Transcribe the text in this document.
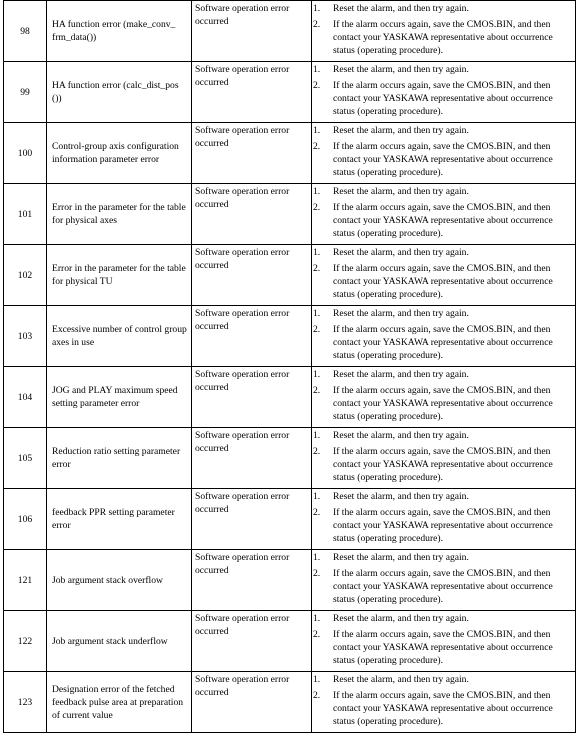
98	HA function error (make_conv_ frm_data())	Software operation error occurred	1. Reset the alarm, and then try again.
2. If the alarm occurs again, save the CMOS.BIN, and then contact your YASKAWA representative about occurrence status (operating procedure).

99	HA function error (calc_dist_pos ())	Software operation error occurred	1. Reset the alarm, and then try again.
2. If the alarm occurs again, save the CMOS.BIN, and then contact your YASKAWA representative about occurrence status (operating procedure).

100	Control-group axis configuration information parameter error	Software operation error occurred	1. Reset the alarm, and then try again.
2. If the alarm occurs again, save the CMOS.BIN, and then contact your YASKAWA representative about occurrence status (operating procedure).

101	Error in the parameter for the table for physical axes	Software operation error occurred	1. Reset the alarm, and then try again.
2. If the alarm occurs again, save the CMOS.BIN, and then contact your YASKAWA representative about occurrence status (operating procedure).

102	Error in the parameter for the table for physical TU	Software operation error occurred	1. Reset the alarm, and then try again.
2. If the alarm occurs again, save the CMOS.BIN, and then contact your YASKAWA representative about occurrence status (operating procedure).

103	Excessive number of control group axes in use	Software operation error occurred	1. Reset the alarm, and then try again.
2. If the alarm occurs again, save the CMOS.BIN, and then contact your YASKAWA representative about occurrence status (operating procedure).

104	JOG and PLAY maximum speed setting parameter error	Software operation error occurred	1. Reset the alarm, and then try again.
2. If the alarm occurs again, save the CMOS.BIN, and then contact your YASKAWA representative about occurrence status (operating procedure).

105	Reduction ratio setting parameter error	Software operation error occurred	1. Reset the alarm, and then try again.
2. If the alarm occurs again, save the CMOS.BIN, and then contact your YASKAWA representative about occurrence status (operating procedure).

106	feedback PPR setting parameter error	Software operation error occurred	1. Reset the alarm, and then try again.
2. If the alarm occurs again, save the CMOS.BIN, and then contact your YASKAWA representative about occurrence status (operating procedure).

121	Job argument stack overflow	Software operation error occurred	1. Reset the alarm, and then try again.
2. If the alarm occurs again, save the CMOS.BIN, and then contact your YASKAWA representative about occurrence status (operating procedure).

122	Job argument stack underflow	Software operation error occurred	1. Reset the alarm, and then try again.
2. If the alarm occurs again, save the CMOS.BIN, and then contact your YASKAWA representative about occurrence status (operating procedure).

123	Designation error of the fetched feedback pulse area at preparation of current value	Software operation error occurred	1. Reset the alarm, and then try again.
2. If the alarm occurs again, save the CMOS.BIN, and then contact your YASKAWA representative about occurrence status (operating procedure).
